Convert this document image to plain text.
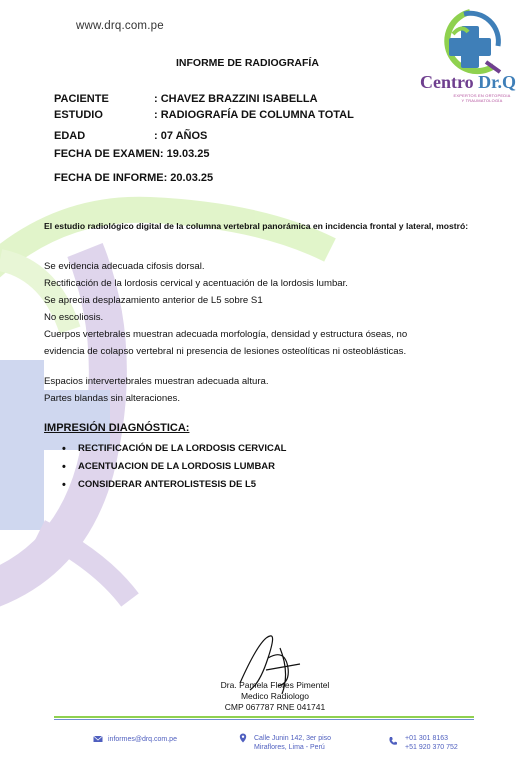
www.drq.com.pe
INFORME DE RADIOGRAFÍA
Centro Dr.Q
EXPERTOS EN ORTOPEDIA
Y TRAUMATOLOGÍA
PACIENTE	: CHAVEZ BRAZZINI ISABELLA
ESTUDIO	: RADIOGRAFÍA DE COLUMNA TOTAL
EDAD	: 07 AÑOS
FECHA DE EXAMEN: 19.03.25
FECHA DE INFORME: 20.03.25
El estudio radiológico digital de la columna vertebral panorámica en incidencia frontal y lateral, mostró:
Se evidencia adecuada cifosis dorsal.
Rectificación de la lordosis cervical y acentuación de la lordosis lumbar.
Se aprecia desplazamiento anterior de L5 sobre S1
No escoliosis.
Cuerpos vertebrales muestran adecuada morfología, densidad y estructura óseas, no
evidencia de colapso vertebral ni presencia de lesiones osteolíticas ni osteoblásticas.
Espacios intervertebrales muestran adecuada altura.
Partes blandas sin alteraciones.
IMPRESIÓN DIAGNÓSTICA:
• RECTIFICACIÓN DE LA LORDOSIS CERVICAL
• ACENTUACION DE LA LORDOSIS LUMBAR
• CONSIDERAR ANTEROLISTESIS DE L5
Dra. Pamela Flores Pimentel
Medico Radiologo
CMP 067787 RNE 041741
informes@drq.com.pe	Calle Junin 142, 3er piso
Miraflores, Lima - Perú
+01 301 8163
+51 920 370 752
